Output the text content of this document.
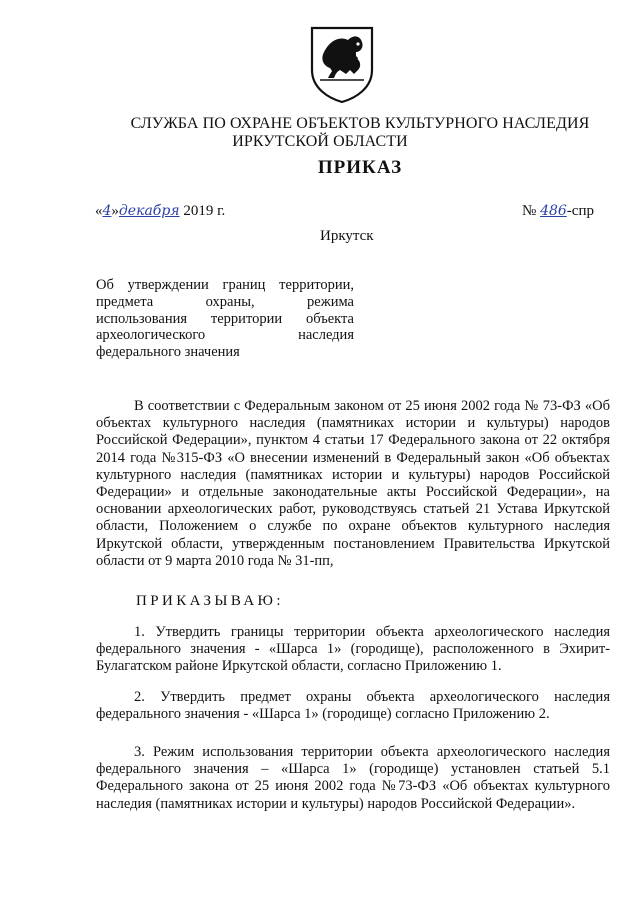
СЛУЖБА ПО ОХРАНЕ ОБЪЕКТОВ КУЛЬТУРНОГО НАСЛЕДИЯ
ИРКУТСКОЙ ОБЛАСТИ
ПРИКАЗ
«4»декабря 2019 г.	№ 486-спр
Иркутск
Об утверждении границ территории,
предмета охраны, режима
использования территории объекта
археологического наследия
федерального значения
В соответствии с Федеральным законом от 25 июня 2002 года № 73-ФЗ «Об объектах культурного наследия (памятниках истории и культуры) народов Российской Федерации», пунктом 4 статьи 17 Федерального закона от 22 октября 2014 года №315-ФЗ «О внесении изменений в Федеральный закон «Об объектах культурного наследия (памятниках истории и культуры) народов Российской Федерации» и отдельные законодательные акты Российской Федерации», на основании археологических работ, руководствуясь статьей 21 Устава Иркутской области, Положением о службе по охране объектов культурного наследия Иркутской области, утвержденным постановлением Правительства Иркутской области от 9 марта 2010 года № 31-пп,
ПРИКАЗЫВАЮ:
1. Утвердить границы территории объекта археологического наследия федерального значения - «Шарса 1» (городище), расположенного в Эхирит-Булагатском районе Иркутской области, согласно Приложению 1.
2. Утвердить предмет охраны объекта археологического наследия федерального значения - «Шарса 1» (городище) согласно Приложению 2.
3. Режим использования территории объекта археологического наследия федерального значения – «Шарса 1» (городище) установлен статьей 5.1 Федерального закона от 25 июня 2002 года №73-ФЗ «Об объектах культурного наследия (памятниках истории и культуры) народов Российской Федерации».
